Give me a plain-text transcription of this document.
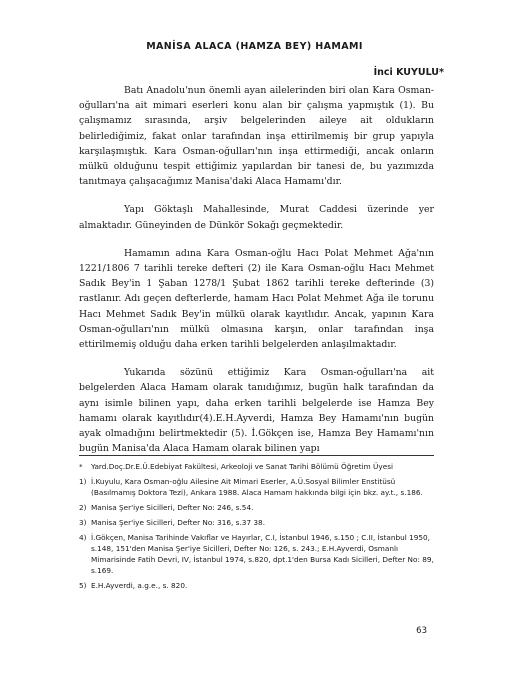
MANİSA ALACA (HAMZA BEY) HAMAMI
İnci KUYULU*

Batı Anadolu'nun önemli ayan ailelerinden biri olan Kara Osman-oğulları'na ait mimari eserleri konu alan bir çalışma yapmıştık (1). Bu çalışmamız sırasında, arşiv belgelerinden aileye ait oldukların belirlediğimiz, fakat onlar tarafından inşa ettirilmemiş bir grup yapıyla karşılaşmıştık. Kara Osman-oğulları'nın inşa ettirmediği, ancak onların mülkü olduğunu tespit ettiğimiz yapılardan bir tanesi de, bu yazımızda tanıtmaya çalışacağımız Manisa'daki Alaca Hamamı'dır.

Yapı Göktaşlı Mahallesinde, Murat Caddesi üzerinde yer almaktadır. Güneyinden de Dünkör Sokağı geçmektedir.

Hamamın adına Kara Osman-oğlu Hacı Polat Mehmet Ağa'nın 1221/1806 7 tarihli tereke defteri (2) ile Kara Osman-oğlu Hacı Mehmet Sadık Bey'in 1 Şaban 1278/1 Şubat 1862 tarihli tereke defterinde (3) rastlanır. Adı geçen defterlerde, hamam Hacı Polat Mehmet Ağa ile torunu Hacı Mehmet Sadık Bey'in mülkü olarak kayıtlıdır. Ancak, yapının Kara Osman-oğulları'nın mülkü olmasına karşın, onlar tarafından inşa ettirilmemiş olduğu daha erken tarihli belgelerden anlaşılmaktadır.

Yukarıda sözünü ettiğimiz Kara Osman-oğulları'na ait belgelerden Alaca Hamam olarak tanıdığımız, bugün halk tarafından da aynı isimle bilinen yapı, daha erken tarihli belgelerde ise Hamza Bey hamamı olarak kayıtlıdır(4).E.H.Ayverdi, Hamza Bey Hamamı'nın bugün ayak olmadığını belirtmektedir (5). İ.Gökçen ise, Hamza Bey Hamamı'nın bugün Manisa'da Alaca Hamam olarak bilinen yapı

*	Yard.Doç.Dr.E.Ü.Edebiyat Fakültesi, Arkeoloji ve Sanat Tarihi Bölümü Öğretim Üyesi
1) İ.Kuyulu, Kara Osman-oğlu Ailesine Ait Mimari Eserler, A.Ü.Sosyal Bilimler Enstitüsü (Basılmamış Doktora Tezi), Ankara 1988. Alaca Hamam hakkında bilgi için bkz. ay.t., s.186.
2) Manisa Şer'iye Sicilleri, Defter No: 246, s.54.
3) Manisa Şer'iye Sicilleri, Defter No: 316, s.37 38.
4) İ.Gökçen, Manisa Tarihinde Vakıflar ve Hayırlar, C.I, İstanbul 1946, s.150 ; C.II, İstanbul 1950, s.148, 151'den Manisa Şer'iye Sicilleri, Defter No: 126, s. 243.; E.H.Ayverdi, Osmanlı Mimarisinde Fatih Devri, IV, İstanbul 1974, s.820, dpt.1'den Bursa Kadı Sicilleri, Defter No: 89, s.169.
5) E.H.Ayverdi, a.g.e., s. 820.
63
